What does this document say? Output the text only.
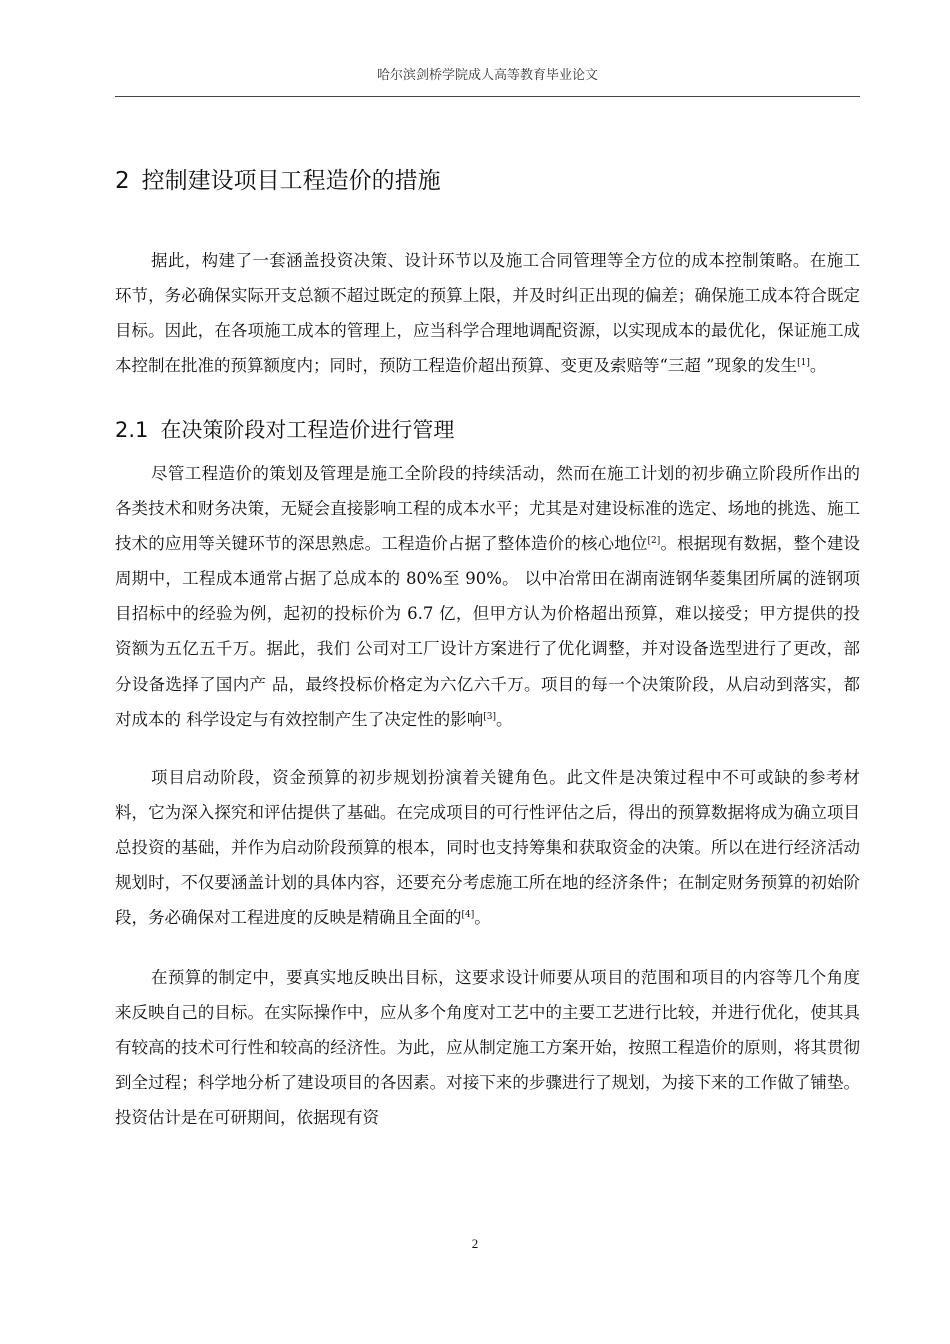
哈尔滨剑桥学院成人高等教育毕业论文
2 控制建设项目工程造价的措施

据此，构建了一套涵盖投资决策、设计环节以及施工合同管理等全方位的成本控制策略。在施工环节，务必确保实际开支总额不超过既定的预算上限，并及时纠正出现的偏差；确保施工成本符合既定目标。因此，在各项施工成本的管理上，应当科学合理地调配资源，以实现成本的最优化，保证施工成本控制在批准的预算额度内；同时，预防工程造价超出预算、变更及索赔等“三超 ”现象的发生[1]。

2.1 在决策阶段对工程造价进行管理

尽管工程造价的策划及管理是施工全阶段的持续活动，然而在施工计划的初步确立阶段所作出的各类技术和财务决策，无疑会直接影响工程的成本水平；尤其是对建设标准的选定、场地的挑选、施工技术的应用等关键环节的深思熟虑。工程造价占据了整体造价的核心地位[2]。根据现有数据，整个建设周期中，工程成本通常占据了总成本的 80%至 90%。 以中冶常田在湖南涟钢华菱集团所属的涟钢项目招标中的经验为例，起初的投标价为 6.7 亿，但甲方认为价格超出预算，难以接受；甲方提供的投资额为五亿五千万。据此，我们 公司对工厂设计方案进行了优化调整，并对设备选型进行了更改，部分设备选择了国内产 品，最终投标价格定为六亿六千万。项目的每一个决策阶段，从启动到落实，都对成本的 科学设定与有效控制产生了决定性的影响[3]。

项目启动阶段，资金预算的初步规划扮演着关键角色。此文件是决策过程中不可或缺的参考材料，它为深入探究和评估提供了基础。在完成项目的可行性评估之后，得出的预算数据将成为确立项目总投资的基础，并作为启动阶段预算的根本，同时也支持筹集和获取资金的决策。所以在进行经济活动规划时，不仅要涵盖计划的具体内容，还要充分考虑施工所在地的经济条件；在制定财务预算的初始阶段，务必确保对工程进度的反映是精确且全面的[4]。

在预算的制定中，要真实地反映出目标，这要求设计师要从项目的范围和项目的内容等几个角度来反映自己的目标。在实际操作中，应从多个角度对工艺中的主要工艺进行比较，并进行优化，使其具有较高的技术可行性和较高的经济性。为此，应从制定施工方案开始，按照工程造价的原则，将其贯彻到全过程；科学地分析了建设项目的各因素。对接下来的步骤进行了规划，为接下来的工作做了铺垫。投资估计是在可研期间，依据现有资

2
